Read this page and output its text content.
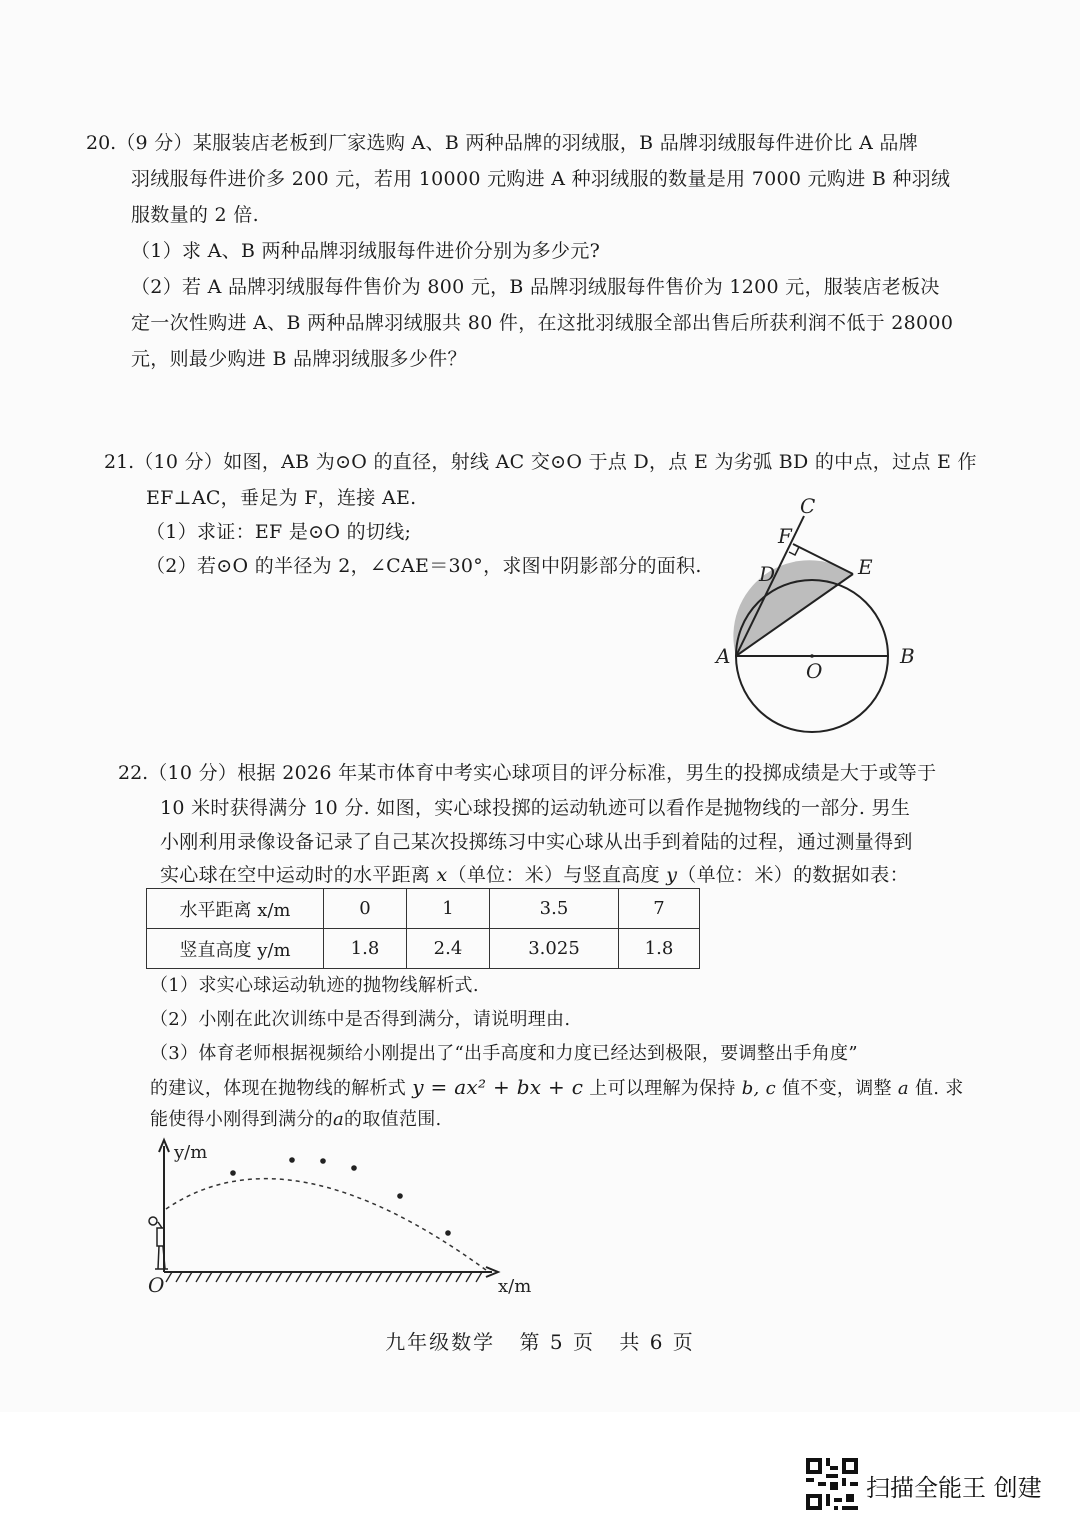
20.（9 分）某服装店老板到厂家选购 A、B 两种品牌的羽绒服，B 品牌羽绒服每件进价比 A 品牌
羽绒服每件进价多 200 元，若用 10000 元购进 A 种羽绒服的数量是用 7000 元购进 B 种羽绒
服数量的 2 倍.
（1）求 A、B 两种品牌羽绒服每件进价分别为多少元?
（2）若 A 品牌羽绒服每件售价为 800 元，B 品牌羽绒服每件售价为 1200 元，服装店老板决
定一次性购进 A、B 两种品牌羽绒服共 80 件，在这批羽绒服全部出售后所获利润不低于 28000
元，则最少购进 B 品牌羽绒服多少件？
21.（10 分）如图，AB 为⊙O 的直径，射线 AC 交⊙O 于点 D，点 E 为劣弧 BD 的中点，过点 E 作
EF⊥AC，垂足为 F，连接 AE.
（1）求证：EF 是⊙O 的切线;
（2）若⊙O 的半径为 2，∠CAE＝30°，求图中阴影部分的面积.
C
F
D	E
A
O
B
22.（10 分）根据 2026 年某市体育中考实心球项目的评分标准，男生的投掷成绩是大于或等于
10 米时获得满分 10 分. 如图，实心球投掷的运动轨迹可以看作是抛物线的一部分. 男生
小刚利用录像设备记录了自己某次投掷练习中实心球从出手到着陆的过程，通过测量得到
实心球在空中运动时的水平距离 x（单位：米）与竖直高度 y（单位：米）的数据如表：
水平距离 x/m	0	1	3.5	7
竖直高度 y/m	1.8	2.4	3.025	1.8
（1）求实心球运动轨迹的抛物线解析式.
（2）小刚在此次训练中是否得到满分，请说明理由.
（3）体育老师根据视频给小刚提出了“出手高度和力度已经达到极限，要调整出手角度”
的建议，体现在抛物线的解析式 y = ax² + bx + c 上可以理解为保持 b, c 值不变，调整 a 值. 求
能使得小刚得到满分的a的取值范围.
y/m
x/m
O
九年级数学 第 5 页 共 6 页
扫描全能王 创建
